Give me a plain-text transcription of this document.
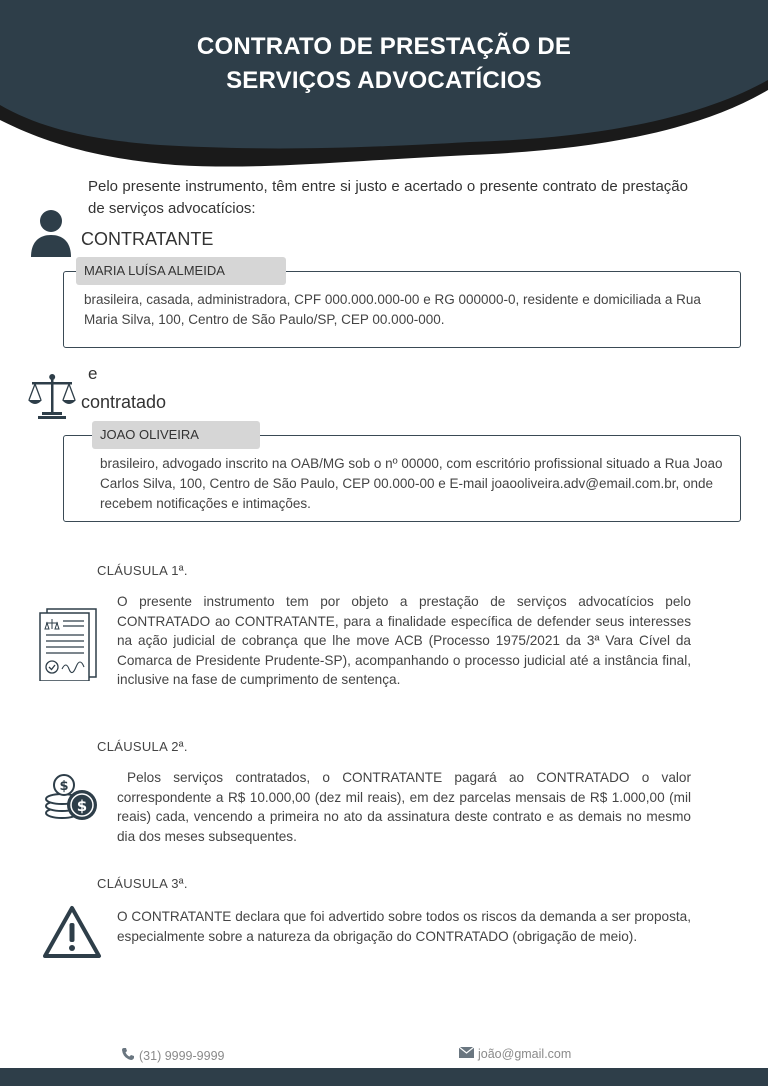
CONTRATO DE PRESTAÇÃO DE
SERVIÇOS ADVOCATÍCIOS
Pelo presente instrumento, têm entre si justo e acertado o presente contrato de prestação de serviços advocatícios:
CONTRATANTE
MARIA LUÍSA ALMEIDA
brasileira, casada, administradora, CPF 000.000.000-00 e RG 000000-0, residente e domiciliada a Rua Maria Silva, 100, Centro de São Paulo/SP, CEP 00.000-000.
e
contratado
JOAO OLIVEIRA
brasileiro, advogado inscrito na OAB/MG sob o nº 00000, com escritório profissional situado a Rua Joao Carlos Silva, 100, Centro de São Paulo, CEP 00.000-00 e E-mail joaooliveira.adv@email.com.br, onde recebem notificações e intimações.
CLÁUSULA 1ª.
O presente instrumento tem por objeto a prestação de serviços advocatícios pelo CONTRATADO ao CONTRATANTE, para a finalidade específica de defender seus interesses na ação judicial de cobrança que lhe move ACB (Processo 1975/2021 da 3ª Vara Cível da Comarca de Presidente Prudente-SP), acompanhando o processo judicial até a instância final, inclusive na fase de cumprimento de sentença.
CLÁUSULA 2ª.
$
$
Pelos serviços contratados, o CONTRATANTE pagará ao CONTRATADO o valor correspondente a R$ 10.000,00 (dez mil reais), em dez parcelas mensais de R$ 1.000,00 (mil reais) cada, vencendo a primeira no ato da assinatura deste contrato e as demais no mesmo dia dos meses subsequentes.
CLÁUSULA 3ª.
O CONTRATANTE declara que foi advertido sobre todos os riscos da demanda a ser proposta, especialmente sobre a natureza da obrigação do CONTRATADO (obrigação de meio).
(31) 9999-9999	joão@gmail.com
